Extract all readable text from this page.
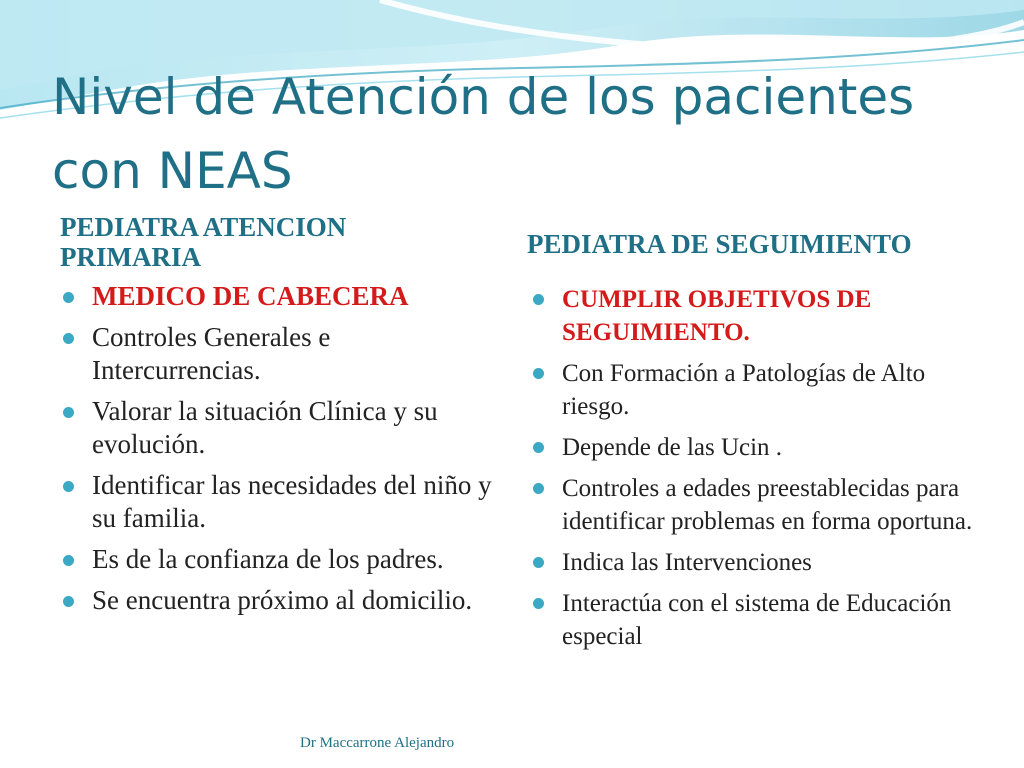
Nivel de Atención de los pacientes con NEAS
PEDIATRA ATENCION PRIMARIA	PEDIATRA DE SEGUIMIENTO
MEDICO DE CABECERA
Controles Generales e Intercurrencias.
Valorar la situación Clínica y su evolución.
Identificar las necesidades del niño y su familia.
Es de la confianza de los padres.
Se encuentra próximo al domicilio.
CUMPLIR OBJETIVOS DE SEGUIMIENTO.
Con Formación a Patologías de Alto riesgo.
Depende de las Ucin .
Controles a edades preestablecidas para identificar problemas en forma oportuna.
Indica las Intervenciones
Interactúa con el sistema de Educación especial
Dr Maccarrone Alejandro
